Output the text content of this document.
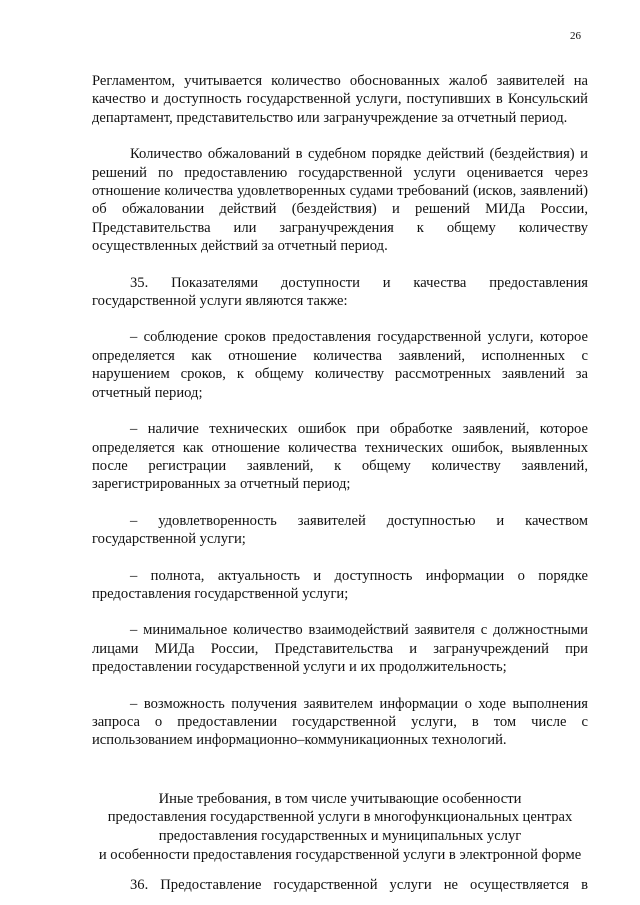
26

Регламентом, учитывается количество обоснованных жалоб заявителей на качество и доступность государственной услуги, поступивших в Консульский департамент, представительство или загранучреждение за отчетный период.

Количество обжалований в судебном порядке действий (бездействия) и решений по предоставлению государственной услуги оценивается через отношение количества удовлетворенных судами требований (исков, заявлений) об обжаловании действий (бездействия) и решений МИДа России, Представительства или загранучреждения к общему количеству осуществленных действий за отчетный период.

35. Показателями доступности и качества предоставления государственной услуги являются также:

– соблюдение сроков предоставления государственной услуги, которое определяется как отношение количества заявлений, исполненных с нарушением сроков, к общему количеству рассмотренных заявлений за отчетный период;

– наличие технических ошибок при обработке заявлений, которое определяется как отношение количества технических ошибок, выявленных после регистрации заявлений, к общему количеству заявлений, зарегистрированных за отчетный период;

– удовлетворенность заявителей доступностью и качеством государственной услуги;

– полнота, актуальность и доступность информации о порядке предоставления государственной услуги;

– минимальное количество взаимодействий заявителя с должностными лицами МИДа России, Представительства и загранучреждений при предоставлении государственной услуги и их продолжительность;

– возможность получения заявителем информации о ходе выполнения запроса о предоставлении государственной услуги, в том числе с использованием информационно–коммуникационных технологий.

Иные требования, в том числе учитывающие особенности
предоставления государственной услуги в многофункциональных центрах
предоставления государственных и муниципальных услуг
и особенности предоставления государственной услуги в электронной форме

36. Предоставление государственной услуги не осуществляется в
